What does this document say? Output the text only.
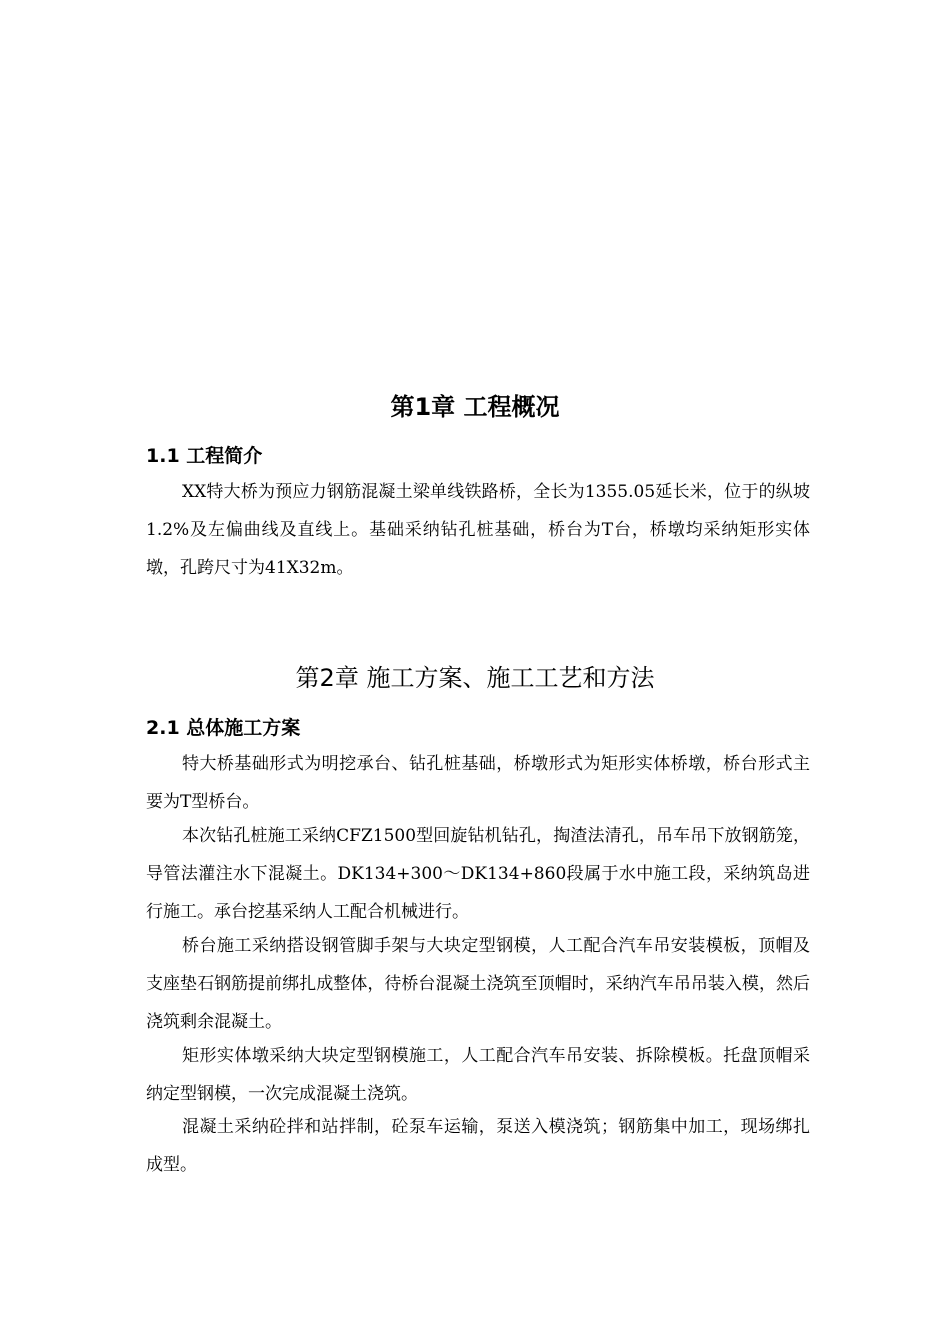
第1章 工程概况
1.1 工程简介

XX特大桥为预应力钢筋混凝土梁单线铁路桥，全长为1355.05延长米，位于的纵坡1.2%及左偏曲线及直线上。基础采纳钻孔桩基础，桥台为T台，桥墩均采纳矩形实体墩，孔跨尺寸为41X32m。

第2章 施工方案、施工工艺和方法
2.1 总体施工方案

特大桥基础形式为明挖承台、钻孔桩基础，桥墩形式为矩形实体桥墩，桥台形式主要为T型桥台。

本次钻孔桩施工采纳CFZ1500型回旋钻机钻孔，掏渣法清孔，吊车吊下放钢筋笼，导管法灌注水下混凝土。DK134+300～DK134+860段属于水中施工段，采纳筑岛进行施工。承台挖基采纳人工配合机械进行。

桥台施工采纳搭设钢管脚手架与大块定型钢模，人工配合汽车吊安装模板，顶帽及支座垫石钢筋提前绑扎成整体，待桥台混凝土浇筑至顶帽时，采纳汽车吊吊装入模，然后浇筑剩余混凝土。

矩形实体墩采纳大块定型钢模施工，人工配合汽车吊安装、拆除模板。托盘顶帽采纳定型钢模，一次完成混凝土浇筑。

混凝土采纳砼拌和站拌制，砼泵车运输，泵送入模浇筑；钢筋集中加工，现场绑扎成型。
